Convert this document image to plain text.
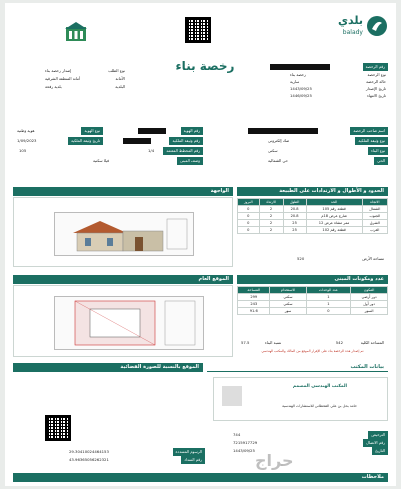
بلدي
balady
رخصة بناء	رقم الرخصة
نوع الرخصة
رخصة بناء
حالة الرخصة
سارية
تاريخ الإصدار
1443/09/25
تاريخ الانتهاء
1446/09/25
نوع الطلب
إصدار رخصة بناء
الأمانة
أمانة المنطقة الشرقية
البلدية
بلدية رفحة
اسم صاحب الرخصة
نوع وثيقة الملكية
صك إلكتروني
نوع البناء
سكني
الحي
حي الشمالية
نوع الهوية
هوية وطنية	رقم الهوية
تاريخ وثيقة الملكية
1/09/2023	رقم وثيقة الملكية
رقم المخطط المعتمد
1/4
105
وصف المبنى
فيلا سكنية
الواجهة	الحدود و الأطوال و الارتدادات على الطبيعة
الاتجاه	الحد	الطول	الارتداد	البروز
الشمال	قطعة رقم 105	20.8	2	0
الجنوب	شارع عرض 18م	20.8	2	0
الشرق	ممر مشاة عرض 12	25	2	0
الغرب	قطعة رقم 102	25	2	0
مساحة الأرض
520
الموقع العام	عدد ومكونات المبنى
المكون	عدد الوحدات	الاستخدام	المساحة
دور أرضي	1	سكني	299
دور أول	1	سكني	243
السور	0	سور	91.6
المساحة الكلية
542
نسبة البناء
57.5
تم إصدار هذه الرخصة بناء على الإقرار الموقع من المالك والمكتب الهندسي
الموقع بالنسبة للصورة الفضائية	بيانات المكتب
المكتب الهندسي المصمم
حامد بحل بن علي القحطاني للاستشارات الهندسية
الترخيص
744
رقم الاتصال
7215917729
التاريخ
1443/09/25
الرسوم المسددة
29.30410024464153
رقم السداد
43.96365056262321	حراج
ملاحظات
